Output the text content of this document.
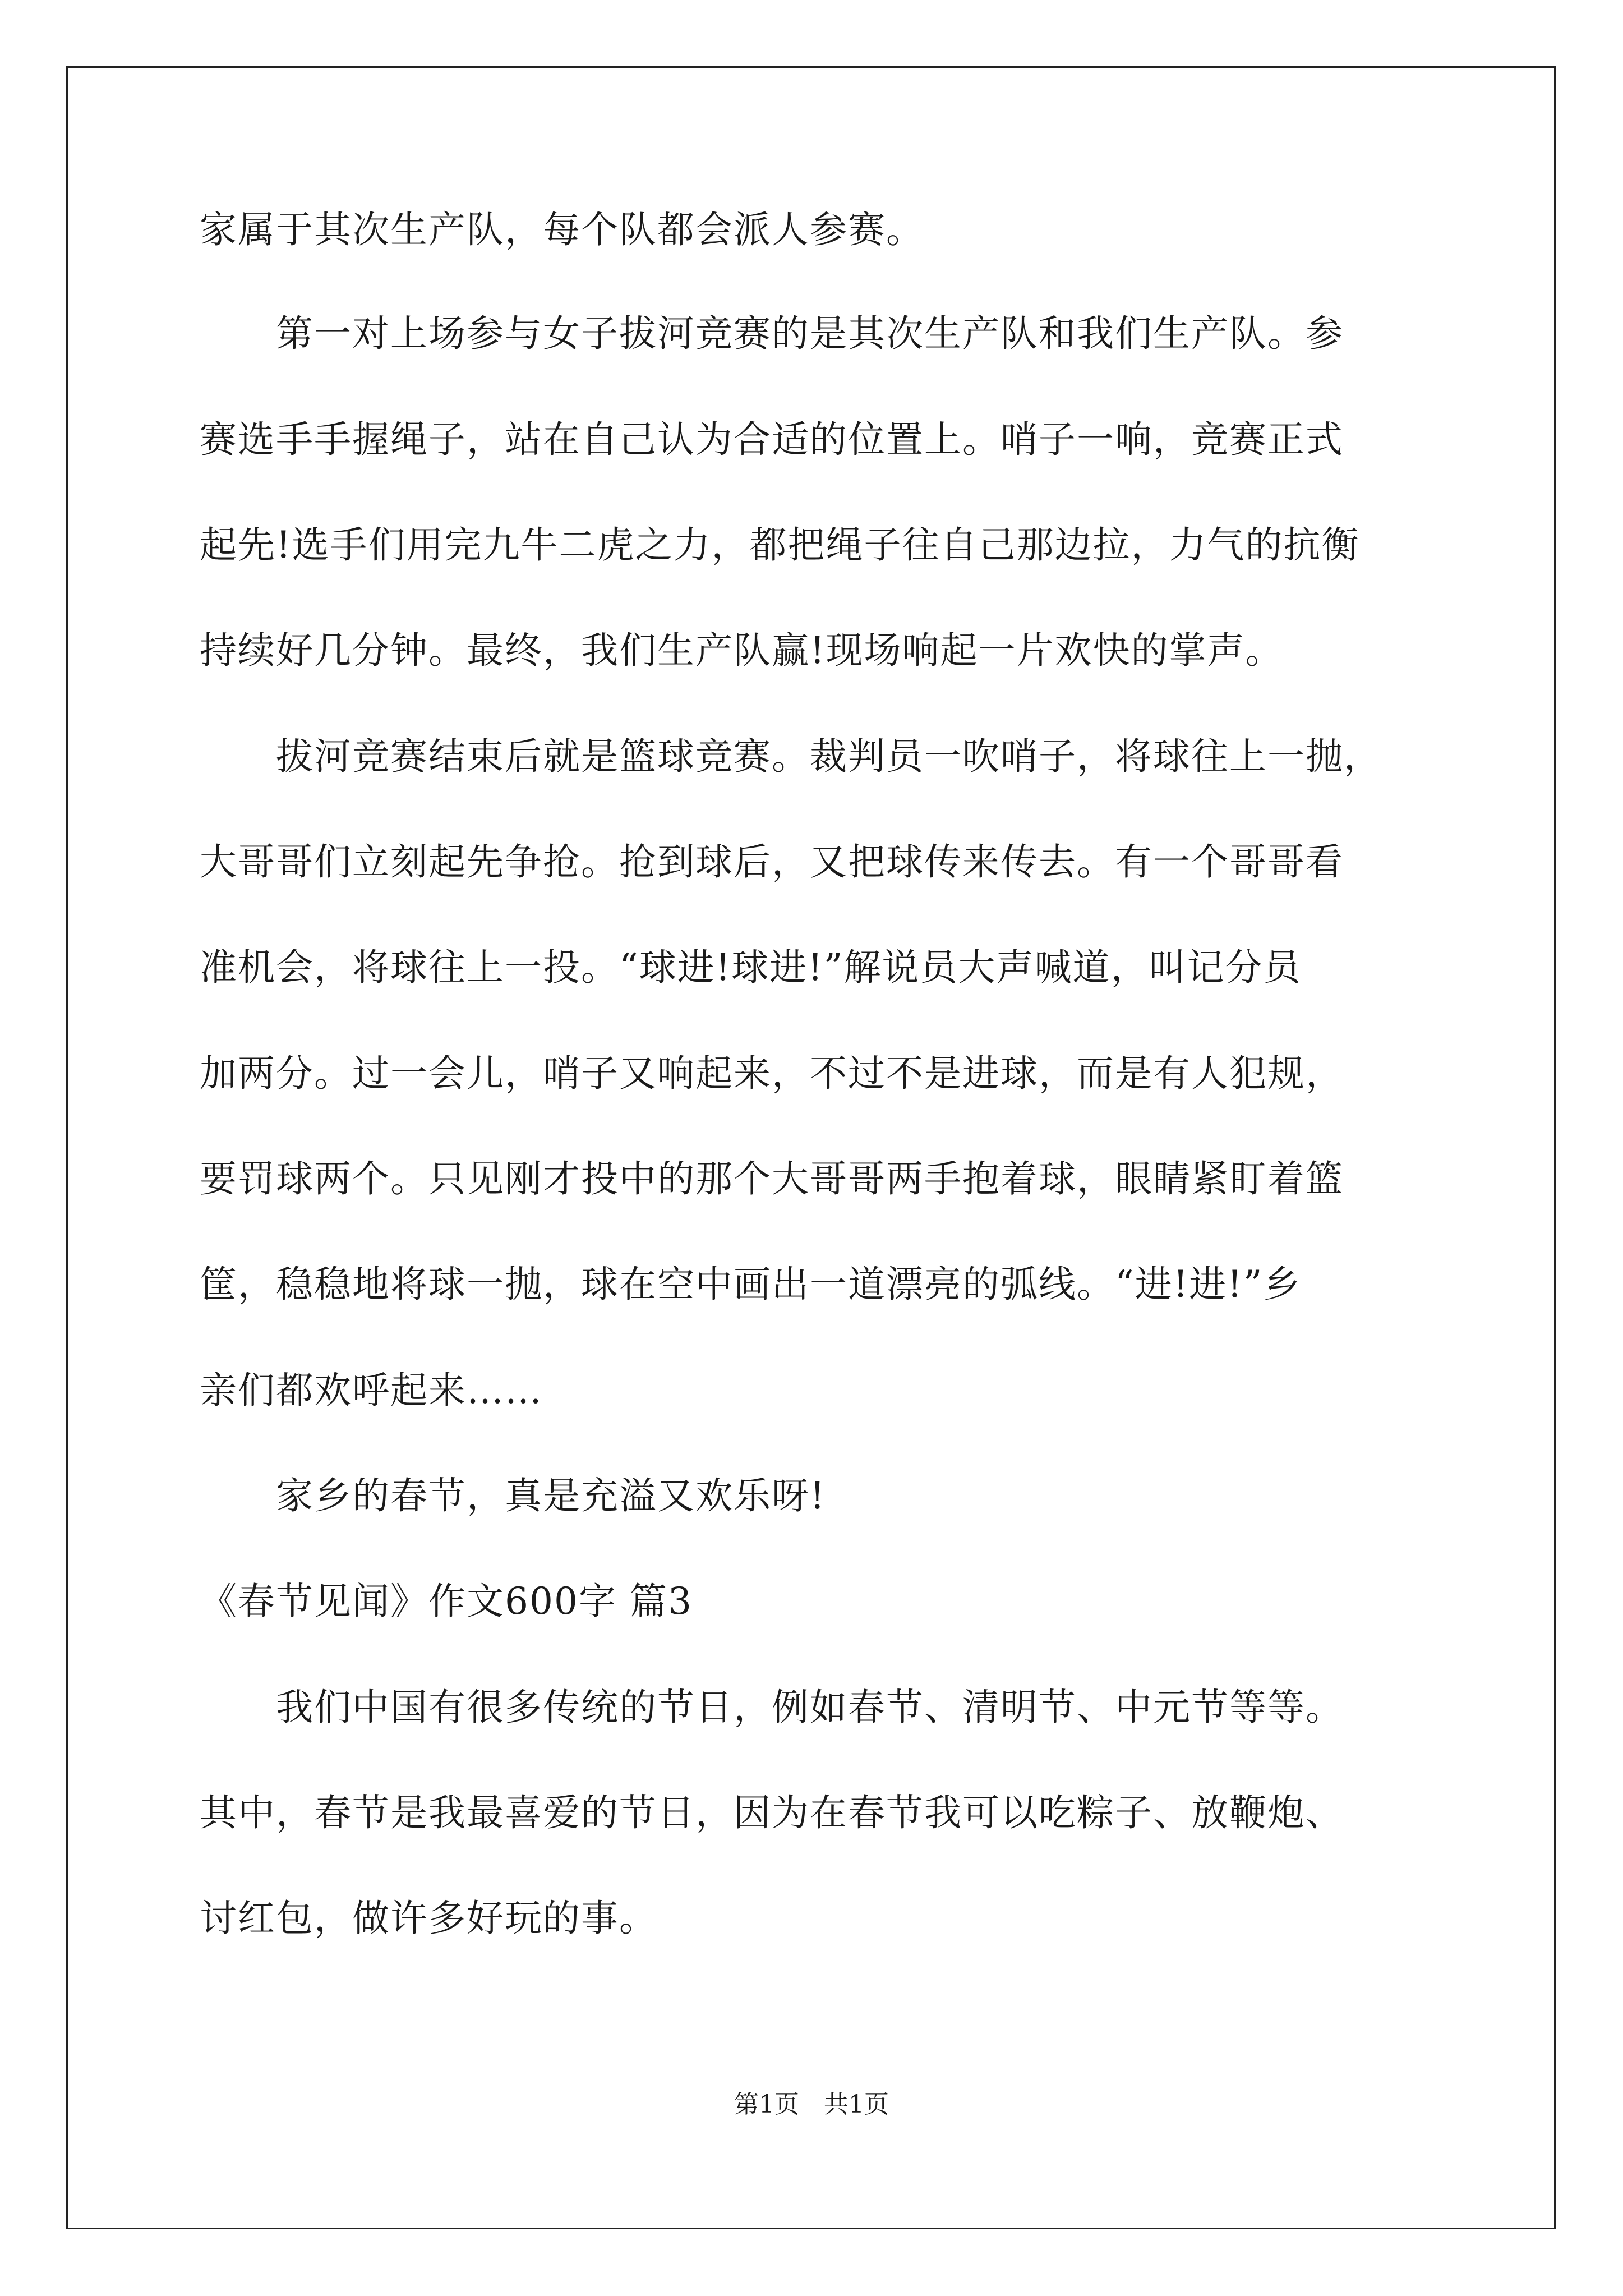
家属于其次生产队，每个队都会派人参赛。
　　第一对上场参与女子拔河竞赛的是其次生产队和我们生产队。参
赛选手手握绳子，站在自己认为合适的位置上。哨子一响，竞赛正式
起先!选手们用完九牛二虎之力，都把绳子往自己那边拉，力气的抗衡
持续好几分钟。最终，我们生产队赢!现场响起一片欢快的掌声。
　　拔河竞赛结束后就是篮球竞赛。裁判员一吹哨子，将球往上一抛，
大哥哥们立刻起先争抢。抢到球后，又把球传来传去。有一个哥哥看
准机会，将球往上一投。“球进!球进!”解说员大声喊道，叫记分员
加两分。过一会儿，哨子又响起来，不过不是进球，而是有人犯规，
要罚球两个。只见刚才投中的那个大哥哥两手抱着球，眼睛紧盯着篮
筐，稳稳地将球一抛，球在空中画出一道漂亮的弧线。“进!进!”乡
亲们都欢呼起来……
　　家乡的春节，真是充溢又欢乐呀!
《春节见闻》作文600字 篇3
　　我们中国有很多传统的节日，例如春节、清明节、中元节等等。
其中，春节是我最喜爱的节日，因为在春节我可以吃粽子、放鞭炮、
讨红包，做许多好玩的事。
第1页　共1页
